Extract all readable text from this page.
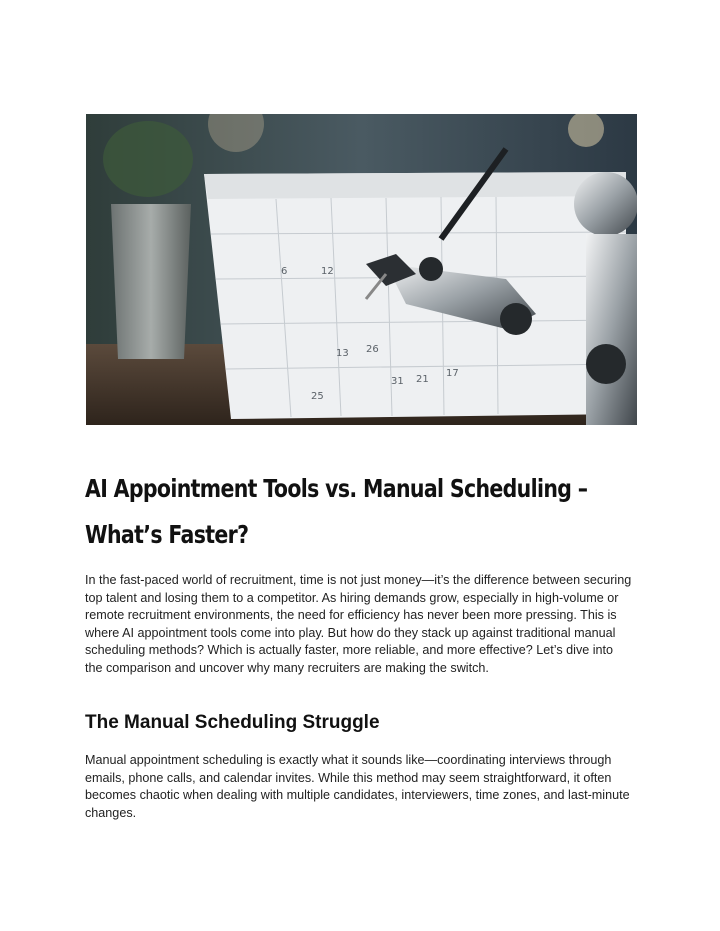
6	12
13 26
31 21
17
25
AI Appointment Tools vs. Manual Scheduling – What’s Faster?

In the fast-paced world of recruitment, time is not just money—it’s the difference between securing top talent and losing them to a competitor. As hiring demands grow, especially in high-volume or remote recruitment environments, the need for efficiency has never been more pressing. This is where AI appointment tools come into play. But how do they stack up against traditional manual scheduling methods? Which is actually faster, more reliable, and more effective? Let’s dive into the comparison and uncover why many recruiters are making the switch.

The Manual Scheduling Struggle

Manual appointment scheduling is exactly what it sounds like—coordinating interviews through emails, phone calls, and calendar invites. While this method may seem straightforward, it often becomes chaotic when dealing with multiple candidates, interviewers, time zones, and last-minute changes.
